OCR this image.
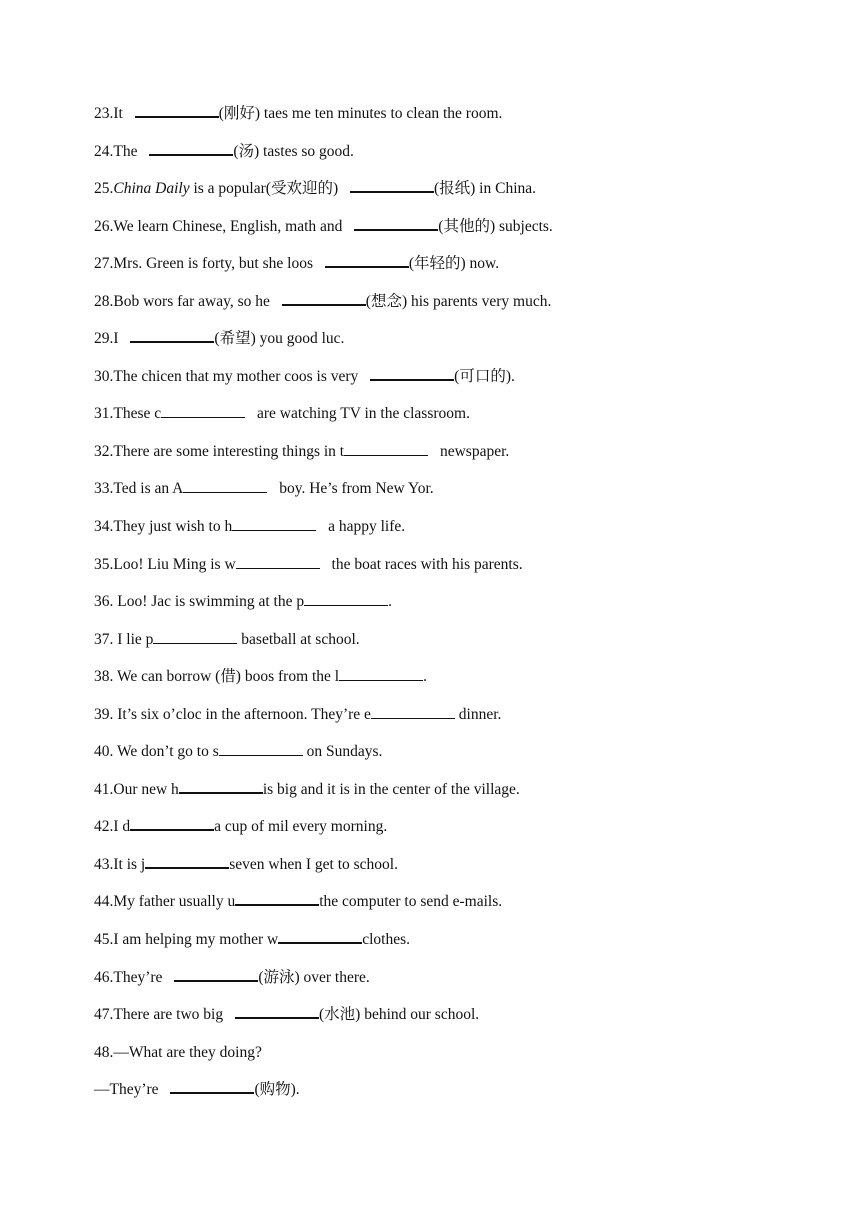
23.It	(刚好) taes me ten minutes to clean the room.
24.The	(汤) tastes so good.
25.China Daily is a popular(受欢迎的)	(报纸) in China.
26.We learn Chinese, English, math and	(其他的) subjects.
27.Mrs. Green is forty, but she loos	(年轻的) now.
28.Bob wors far away, so he	(想念) his parents very much.
29.I	(希望) you good luc.
30.The chicen that my mother coos is very	(可口的).
31.These c	are watching TV in the classroom.
32.There are some interesting things in t	newspaper.
33.Ted is an A	boy. He’s from New Yor.
34.They just wish to h	a happy life.
35.Loo! Liu Ming is w	the boat races with his parents.
36. Loo! Jac is swimming at the p	.
37. I lie p	basetball at school.
38. We can borrow (借) boos from the l	.
39. It’s six o’cloc in the afternoon. They’re e	dinner.
40. We don’t go to s	on Sundays.
41.Our new h	is big and it is in the center of the village.
42.I d	a cup of mil every morning.
43.It is j	seven when I get to school.
44.My father usually u	the computer to send e-mails.
45.I am helping my mother w	clothes.
46.They’re	(游泳) over there.
47.There are two big	(水池) behind our school.
48.—What are they doing?
—They’re	(购物).
